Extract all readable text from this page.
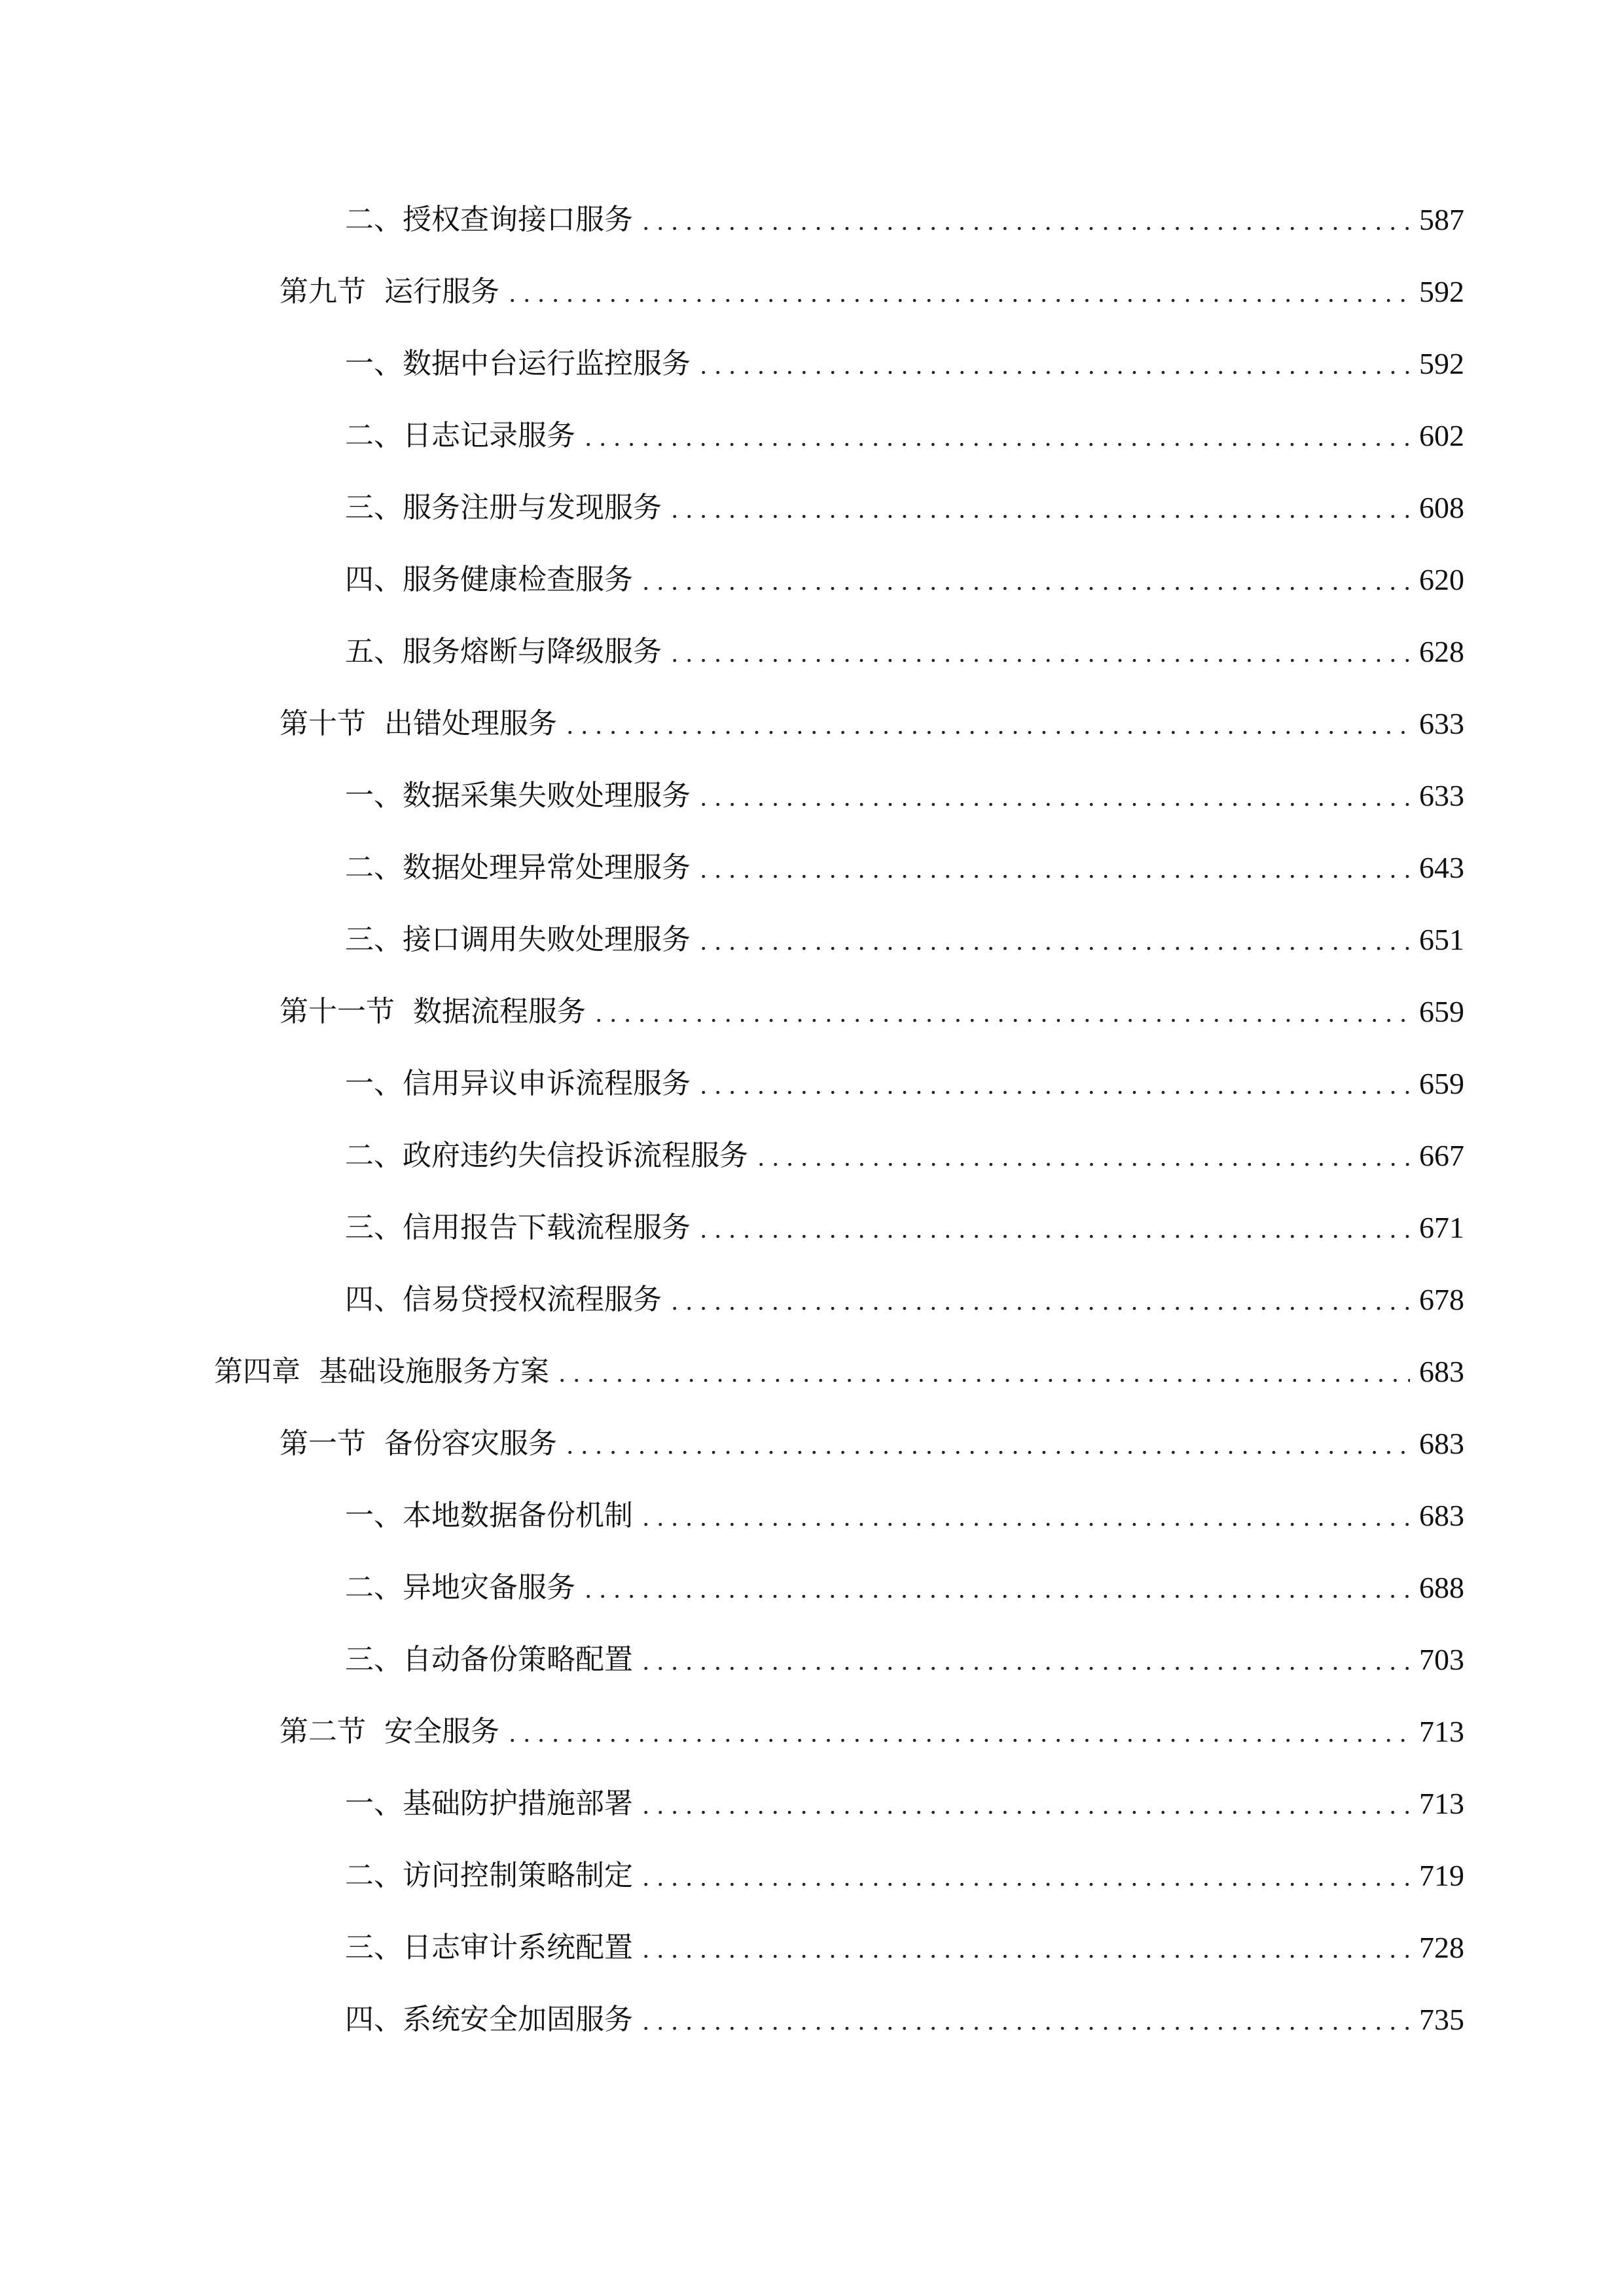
二、 授权查询接口服务 .....	587
第九节 运行服务 .....	592
一、 数据中台运行监控服务 .....	592
二、 日志记录服务 .....	602
三、 服务注册与发现服务 .....	608
四、 服务健康检查服务 .....	620
五、 服务熔断与降级服务 .....	628
第十节 出错处理服务 .....	633
一、 数据采集失败处理服务 .....	633
二、 数据处理异常处理服务 .....	643
三、 接口调用失败处理服务 .....	651
第十一节 数据流程服务 .....	659
一、 信用异议申诉流程服务 .....	659
二、 政府违约失信投诉流程服务 .....	667
三、 信用报告下载流程服务 .....	671
四、 信易贷授权流程服务 .....	678
第四章 基础设施服务方案 .....	683
第一节 备份容灾服务 .....	683
一、 本地数据备份机制 .....	683
二、 异地灾备服务 .....	688
三、 自动备份策略配置 .....	703
第二节 安全服务 .....	713
一、 基础防护措施部署 .....	713
二、 访问控制策略制定 .....	719
三、 日志审计系统配置 .....	728
四、 系统安全加固服务 .....	735
